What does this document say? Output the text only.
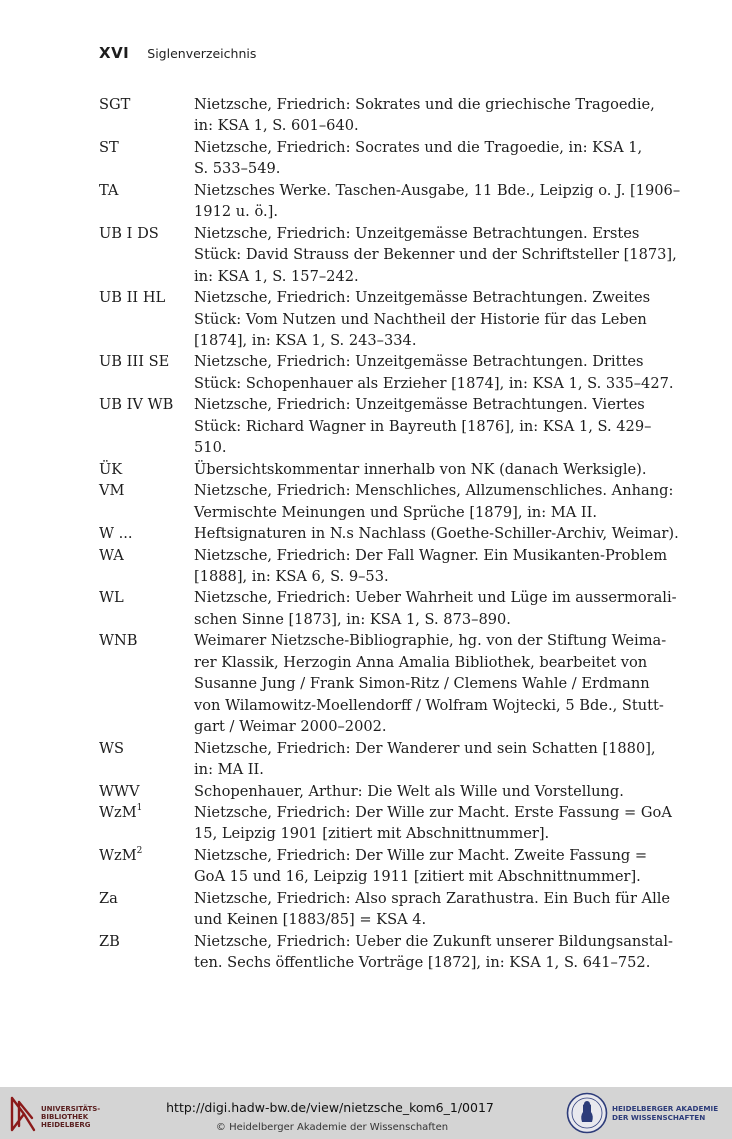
XVI Siglenverzeichnis
SGT	Nietzsche, Friedrich: Sokrates und die griechische Tragoedie,
in: KSA 1, S. 601–640.
ST	Nietzsche, Friedrich: Socrates und die Tragoedie, in: KSA 1,
S. 533–549.
TA	Nietzsches Werke. Taschen-Ausgabe, 11 Bde., Leipzig o. J. [1906–
1912 u. ö.].
UB I DS	Nietzsche, Friedrich: Unzeitgemässe Betrachtungen. Erstes
Stück: David Strauss der Bekenner und der Schriftsteller [1873],
in: KSA 1, S. 157–242.
UB II HL	Nietzsche, Friedrich: Unzeitgemässe Betrachtungen. Zweites
Stück: Vom Nutzen und Nachtheil der Historie für das Leben
[1874], in: KSA 1, S. 243–334.
UB III SE	Nietzsche, Friedrich: Unzeitgemässe Betrachtungen. Drittes
Stück: Schopenhauer als Erzieher [1874], in: KSA 1, S. 335–427.
UB IV WB	Nietzsche, Friedrich: Unzeitgemässe Betrachtungen. Viertes
Stück: Richard Wagner in Bayreuth [1876], in: KSA 1, S. 429–
510.
ÜK	Übersichtskommentar innerhalb von NK (danach Werksigle).
VM	Nietzsche, Friedrich: Menschliches, Allzumenschliches. Anhang:
Vermischte Meinungen und Sprüche [1879], in: MA II.
W ...	Heftsignaturen in N.s Nachlass (Goethe-Schiller-Archiv, Weimar).
WA	Nietzsche, Friedrich: Der Fall Wagner. Ein Musikanten-Problem
[1888], in: KSA 6, S. 9–53.
WL	Nietzsche, Friedrich: Ueber Wahrheit und Lüge im aussermorali-
schen Sinne [1873], in: KSA 1, S. 873–890.
WNB	Weimarer Nietzsche-Bibliographie, hg. von der Stiftung Weima-
rer Klassik, Herzogin Anna Amalia Bibliothek, bearbeitet von
Susanne Jung / Frank Simon-Ritz / Clemens Wahle / Erdmann
von Wilamowitz-Moellendorff / Wolfram Wojtecki, 5 Bde., Stutt-
gart / Weimar 2000–2002.
WS	Nietzsche, Friedrich: Der Wanderer und sein Schatten [1880],
in: MA II.
WWV	Schopenhauer, Arthur: Die Welt als Wille und Vorstellung.
WzM$^1$	Nietzsche, Friedrich: Der Wille zur Macht. Erste Fassung = GoA
15, Leipzig 1901 [zitiert mit Abschnittnummer].
WzM$^2$	Nietzsche, Friedrich: Der Wille zur Macht. Zweite Fassung =
GoA 15 und 16, Leipzig 1911 [zitiert mit Abschnittnummer].
Za	Nietzsche, Friedrich: Also sprach Zarathustra. Ein Buch für Alle
und Keinen [1883/85] = KSA 4.
ZB	Nietzsche, Friedrich: Ueber die Zukunft unserer Bildungsanstal-
ten. Sechs öffentliche Vorträge [1872], in: KSA 1, S. 641–752.
UNIVERSITÄTS-
BIBLIOTHEK
HEIDELBERG
http://digi.hadw-bw.de/view/nietzsche_kom6_1/0017
© Heidelberger Akademie der Wissenschaften
HEIDELBERGER AKADEMIE
DER WISSENSCHAFTEN
